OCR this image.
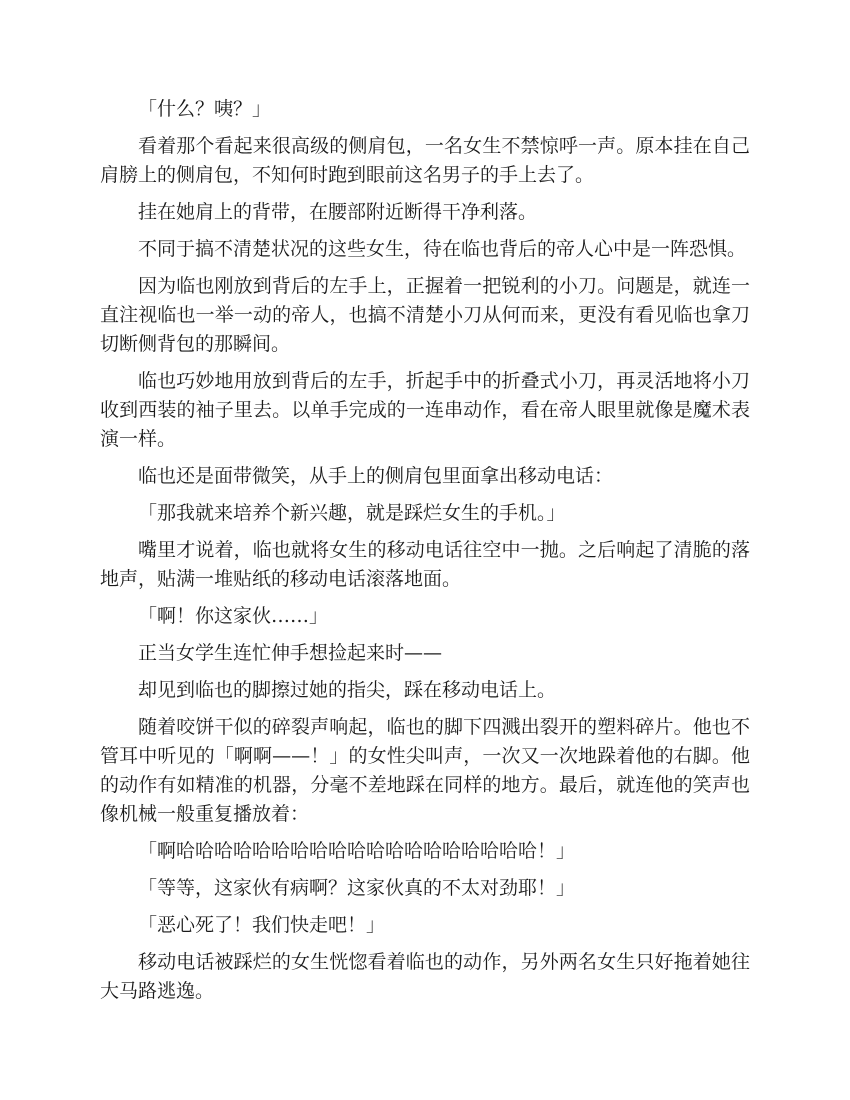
「什么？咦？」

看着那个看起来很高级的侧肩包，一名女生不禁惊呼一声。原本挂在自己肩膀上的侧肩包，不知何时跑到眼前这名男子的手上去了。

挂在她肩上的背带，在腰部附近断得干净利落。

不同于搞不清楚状况的这些女生，待在临也背后的帝人心中是一阵恐惧。

因为临也刚放到背后的左手上，正握着一把锐利的小刀。问题是，就连一直注视临也一举一动的帝人，也搞不清楚小刀从何而来，更没有看见临也拿刀切断侧背包的那瞬间。

临也巧妙地用放到背后的左手，折起手中的折叠式小刀，再灵活地将小刀收到西装的袖子里去。以单手完成的一连串动作，看在帝人眼里就像是魔术表演一样。

临也还是面带微笑，从手上的侧肩包里面拿出移动电话：

「那我就来培养个新兴趣，就是踩烂女生的手机。」

嘴里才说着，临也就将女生的移动电话往空中一抛。之后响起了清脆的落地声，贴满一堆贴纸的移动电话滚落地面。

「啊！你这家伙……」

正当女学生连忙伸手想捡起来时——

却见到临也的脚擦过她的指尖，踩在移动电话上。

随着咬饼干似的碎裂声响起，临也的脚下四溅出裂开的塑料碎片。他也不管耳中听见的「啊啊——！」的女性尖叫声，一次又一次地跺着他的右脚。他的动作有如精准的机器，分毫不差地踩在同样的地方。最后，就连他的笑声也像机械一般重复播放着：

「啊哈哈哈哈哈哈哈哈哈哈哈哈哈哈哈哈哈哈哈！」

「等等，这家伙有病啊？这家伙真的不太对劲耶！」

「恶心死了！我们快走吧！」

移动电话被踩烂的女生恍惚看着临也的动作，另外两名女生只好拖着她往大马路逃逸。
